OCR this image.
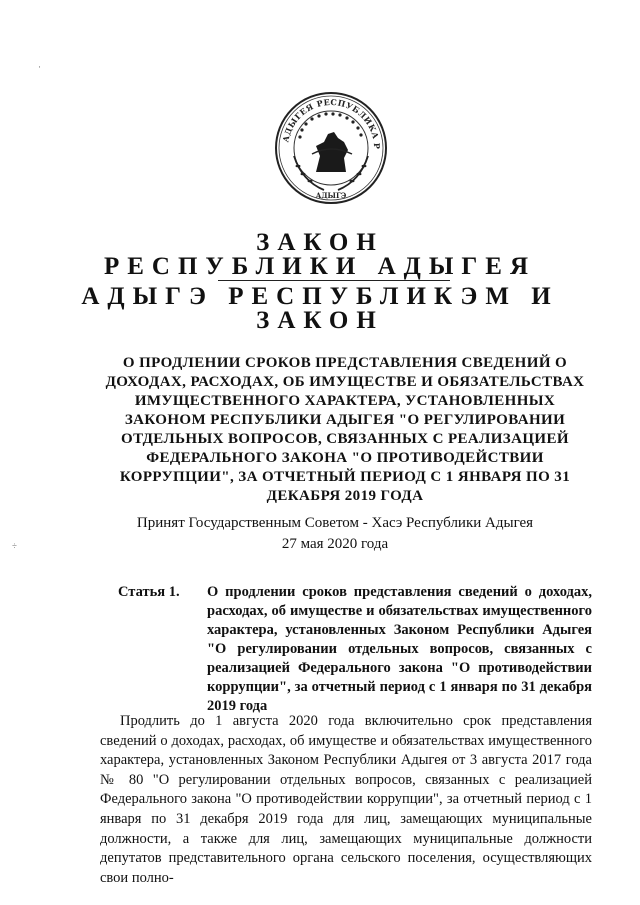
АДЫГЕЯ РЕСПУБЛИКА Р
АДЫГЭ
ЗАКОН
РЕСПУБЛИКИ АДЫГЕЯ
АДЫГЭ РЕСПУБЛИКЭМ И
ЗАКОН
О ПРОДЛЕНИИ СРОКОВ ПРЕДСТАВЛЕНИЯ СВЕДЕНИЙ О ДОХОДАХ, РАСХОДАХ, ОБ ИМУЩЕСТВЕ И ОБЯЗАТЕЛЬСТВАХ ИМУЩЕСТВЕННОГО ХАРАКТЕРА, УСТАНОВЛЕННЫХ ЗАКОНОМ РЕСПУБЛИКИ АДЫГЕЯ "О РЕГУЛИРОВАНИИ ОТДЕЛЬНЫХ ВОПРОСОВ, СВЯЗАННЫХ С РЕАЛИЗАЦИЕЙ ФЕДЕРАЛЬНОГО ЗАКОНА "О ПРОТИВОДЕЙСТВИИ КОРРУПЦИИ", ЗА ОТЧЕТНЫЙ ПЕРИОД С 1 ЯНВАРЯ ПО 31 ДЕКАБРЯ 2019 ГОДА
Принят Государственным Советом - Хасэ Республики Адыгея
27 мая 2020 года
Статья 1. О продлении сроков представления сведений о доходах, расходах, об имуществе и обязательствах имущественного характера, установленных Законом Республики Адыгея "О регулировании отдельных вопросов, связанных с реализацией Федерального закона "О противодействии коррупции", за отчетный период с 1 января по 31 декабря 2019 года
Продлить до 1 августа 2020 года включительно срок представления сведений о доходах, расходах, об имуществе и обязательствах имущественного характера, установленных Законом Республики Адыгея от 3 августа 2017 года № 80 "О регулировании отдельных вопросов, связанных с реализацией Федерального закона "О противодействии коррупции", за отчетный период с 1 января по 31 декабря 2019 года для лиц, замещающих муниципальные должности, а также для лиц, замещающих муниципальные должности депутатов представительного органа сельского поселения, осуществляющих свои полно-
·
÷
